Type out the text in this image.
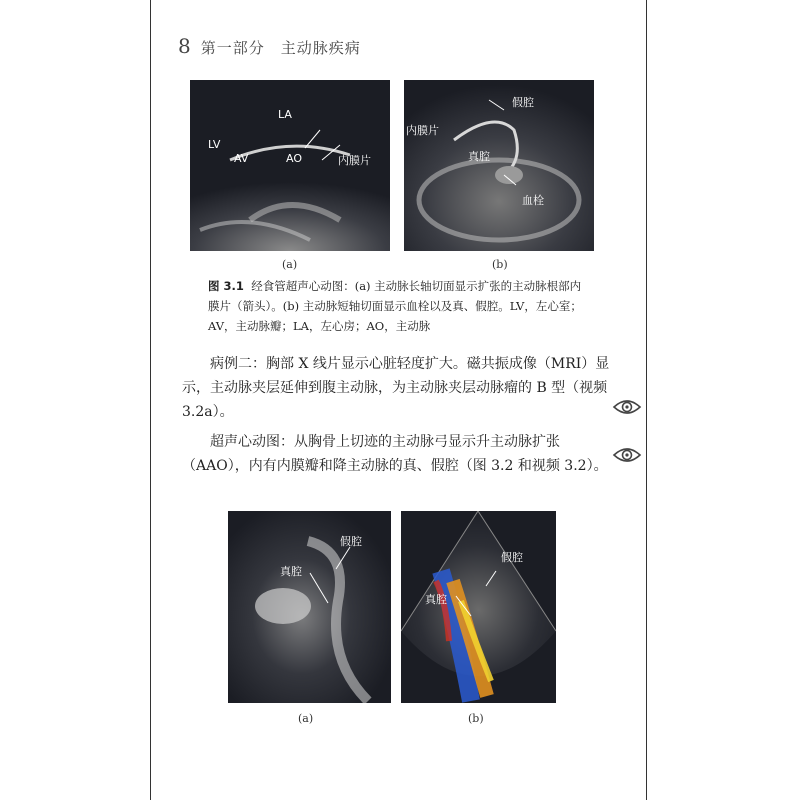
8 第一部分　主动脉疾病
LA
LV
AV	AO	内膜片
(a)
假腔
内膜片
真腔
血栓
(b)
图 3.1 经食管超声心动图：(a) 主动脉长轴切面显示扩张的主动脉根部内膜片（箭头）。(b) 主动脉短轴切面显示血栓以及真、假腔。LV，左心室；AV，主动脉瓣；LA，左心房；AO，主动脉

病例二：胸部 X 线片显示心脏轻度扩大。磁共振成像（MRI）显示，主动脉夹层延伸到腹主动脉，为主动脉夹层动脉瘤的 B 型（视频 3.2a）。

超声心动图：从胸骨上切迹的主动脉弓显示升主动脉扩张（AAO），内有内膜瓣和降主动脉的真、假腔（图 3.2 和视频 3.2）。

假腔
真腔
(a)
假腔
真腔
(b)
